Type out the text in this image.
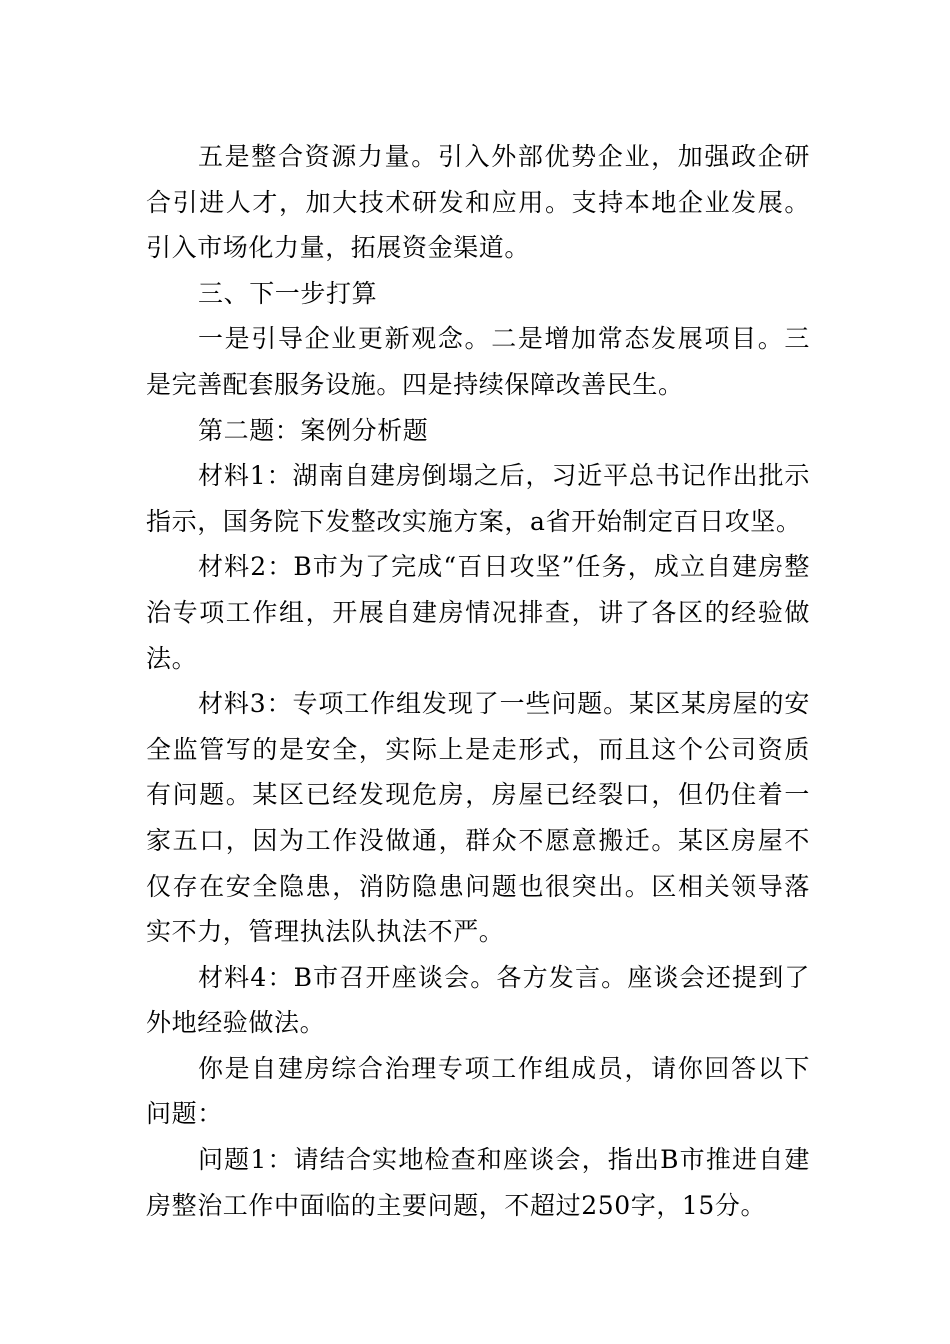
五是整合资源力量。引入外部优势企业，加强政企研合引进人才，加大技术研发和应用。支持本地企业发展。引入市场化力量，拓展资金渠道。

三、下一步打算

一是引导企业更新观念。二是增加常态发展项目。三是完善配套服务设施。四是持续保障改善民生。

第二题：案例分析题

材料1：湖南自建房倒塌之后，习近平总书记作出批示指示，国务院下发整改实施方案，a省开始制定百日攻坚。

材料2：B市为了完成“百日攻坚”任务，成立自建房整治专项工作组，开展自建房情况排查，讲了各区的经验做法。

材料3：专项工作组发现了一些问题。某区某房屋的安全监管写的是安全，实际上是走形式，而且这个公司资质有问题。某区已经发现危房，房屋已经裂口，但仍住着一家五口，因为工作没做通，群众不愿意搬迁。某区房屋不仅存在安全隐患，消防隐患问题也很突出。区相关领导落实不力，管理执法队执法不严。

材料4：B市召开座谈会。各方发言。座谈会还提到了外地经验做法。

你是自建房综合治理专项工作组成员，请你回答以下问题：

问题1：请结合实地检查和座谈会，指出B市推进自建房整治工作中面临的主要问题，不超过250字，15分。
